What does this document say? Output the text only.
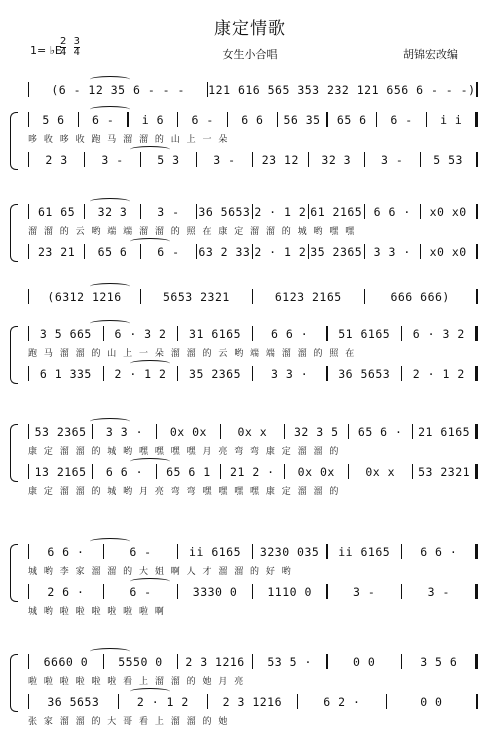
康定情歌
1= ♭E
$\frac{2}{4} \frac{3}{4}$	女生小合唱	胡锦宏改编
(6 - 12 35 6 - - -	121 616 565 353 232 121 656 6 - - -)
5 6	6 -	i 6	6 -	6 6	56 35	65 6	6 -	i i
2 3	3 -	5 3	3 -	23 12	32 3	3 -	5 53
哆 收 哆 收 跑 马 溜 溜 的 山 上 一 朵
61 65	32 3	3 -	36 5653 2 · 1 2 61 2165 6 6 ·	x0 x0
23 21	65 6	6 -	63 2 33 2 · 1 2 35 2365 3 3 ·	x0 x0
溜 溜 的 云 哟 端 端 溜 溜 的 照 在 康 定 溜 溜 的 城 哟 嘿 嘿
(6312 1216	5653 2321	6123 2165	666 666)
3 5 665	6 · 3 2	31 6165	6 6 ·	51 6165	6 · 3 2
6 1 335	2 · 1 2	35 2365	3 3 ·	36 5653	2 · 1 2
跑 马 溜 溜 的 山 上 一 朵 溜 溜 的 云 哟 端 端 溜 溜 的 照 在
53 2365	3 3 ·	0x 0x	0x x	32 3 5	65 6 ·	21 6165
13 2165	6 6 ·	65 6 1	21 2 ·	0x 0x	0x x	53 2321
康 定 溜 溜 的 城 哟 嘿 嘿 嘿 嘿 月 亮 弯 弯 康 定 溜 溜 的
康 定 溜 溜 的 城 哟 月 亮 弯 弯 嘿 嘿 嘿 嘿 康 定 溜 溜 的
6 6 ·	6 -	ii 6165	3230 035	ii 6165	6 6 ·
2 6 ·	6 -	3330 0	1110 0	3 -	3 -
城 哟 李 家 溜 溜 的 大 姐 啊 人 才 溜 溜 的 好 哟
城 哟 啦 啦 啦 啦 啦 啦 啊
6660 0	5550 0	2 3 1216	53 5 ·	0 0	3 5 6
36 5653	2 · 1 2	2 3 1216	6 2 ·	0 0
啦 啦 啦 啦 啦 啦 看 上 溜 溜 的 她 月 亮
张 家 溜 溜 的 大 哥 看 上 溜 溜 的 她
